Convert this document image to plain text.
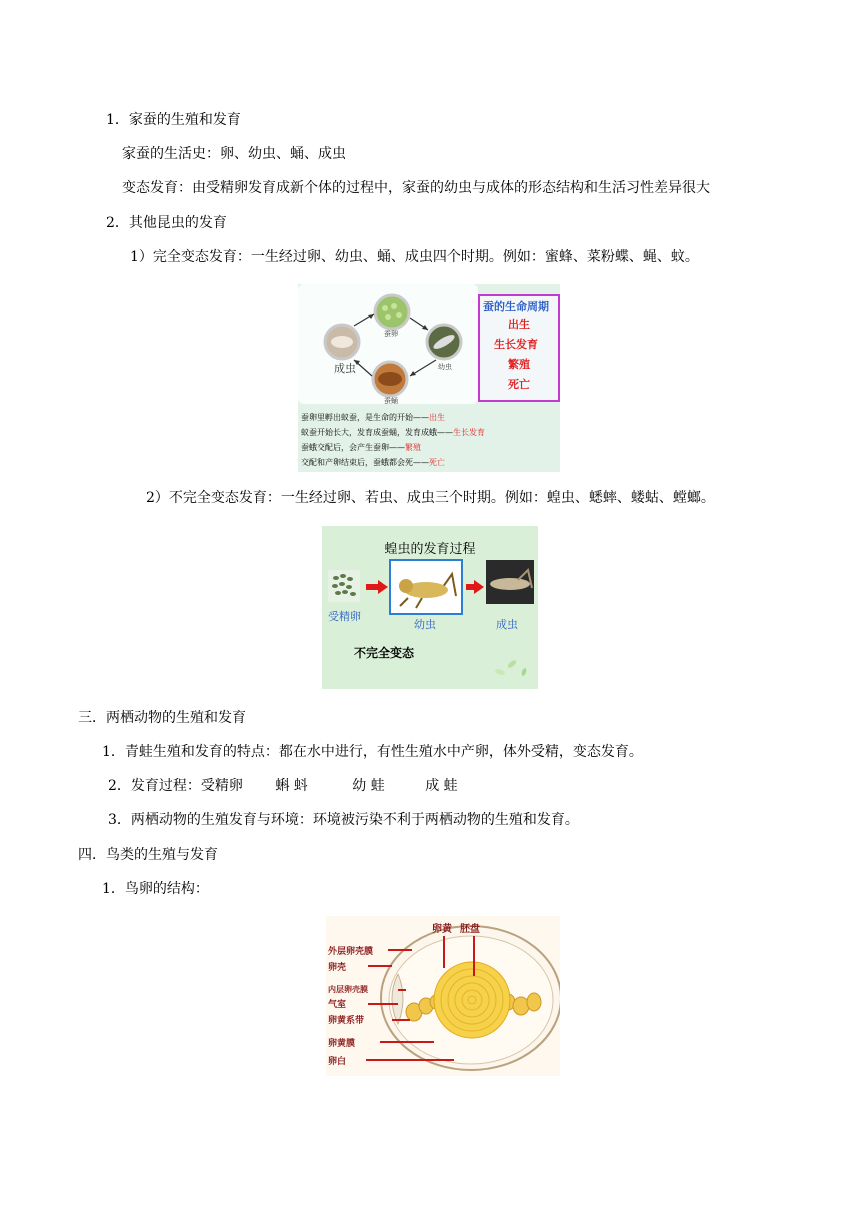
1．家蚕的生殖和发育
家蚕的生活史：卵、幼虫、蛹、成虫
变态发育：由受精卵发育成新个体的过程中，家蚕的幼虫与成体的形态结构和生活习性差异很大
2．其他昆虫的发育
1）完全变态发育：一生经过卵、幼虫、蛹、成虫四个时期。例如：蜜蜂、菜粉蝶、蝇、蚊。
蚕卵
幼虫
蚕蛹
成虫
蚕的生命周期
出生
生长发育
繁殖
死亡
蚕卵里孵出蚁蚕，是生命的开始——出生
蚁蚕开始长大，发育成蚕蛹，发育成蛾——生长发育
蚕蛾交配后，会产生蚕卵——繁殖
交配和产卵结束后，蚕蛾都会死——死亡
2）不完全变态发育：一生经过卵、若虫、成虫三个时期。例如：蝗虫、蟋蟀、蝼蛄、螳螂。
蝗虫的发育过程
受精卵
幼虫	成虫
不完全变态
三．两栖动物的生殖和发育
1．青蛙生殖和发育的特点：都在水中进行，有性生殖水中产卵，体外受精，变态发育。
2．发育过程：受精卵 蝌 蚪	幼 蛙	成 蛙
3．两栖动物的生殖发育与环境：环境被污染不利于两栖动物的生殖和发育。
四．鸟类的生殖与发育
1．鸟卵的结构：
卵黄 胚盘
外层卵壳膜
卵壳
内层卵壳膜
气室
卵黄系带
卵黄膜
卵白
